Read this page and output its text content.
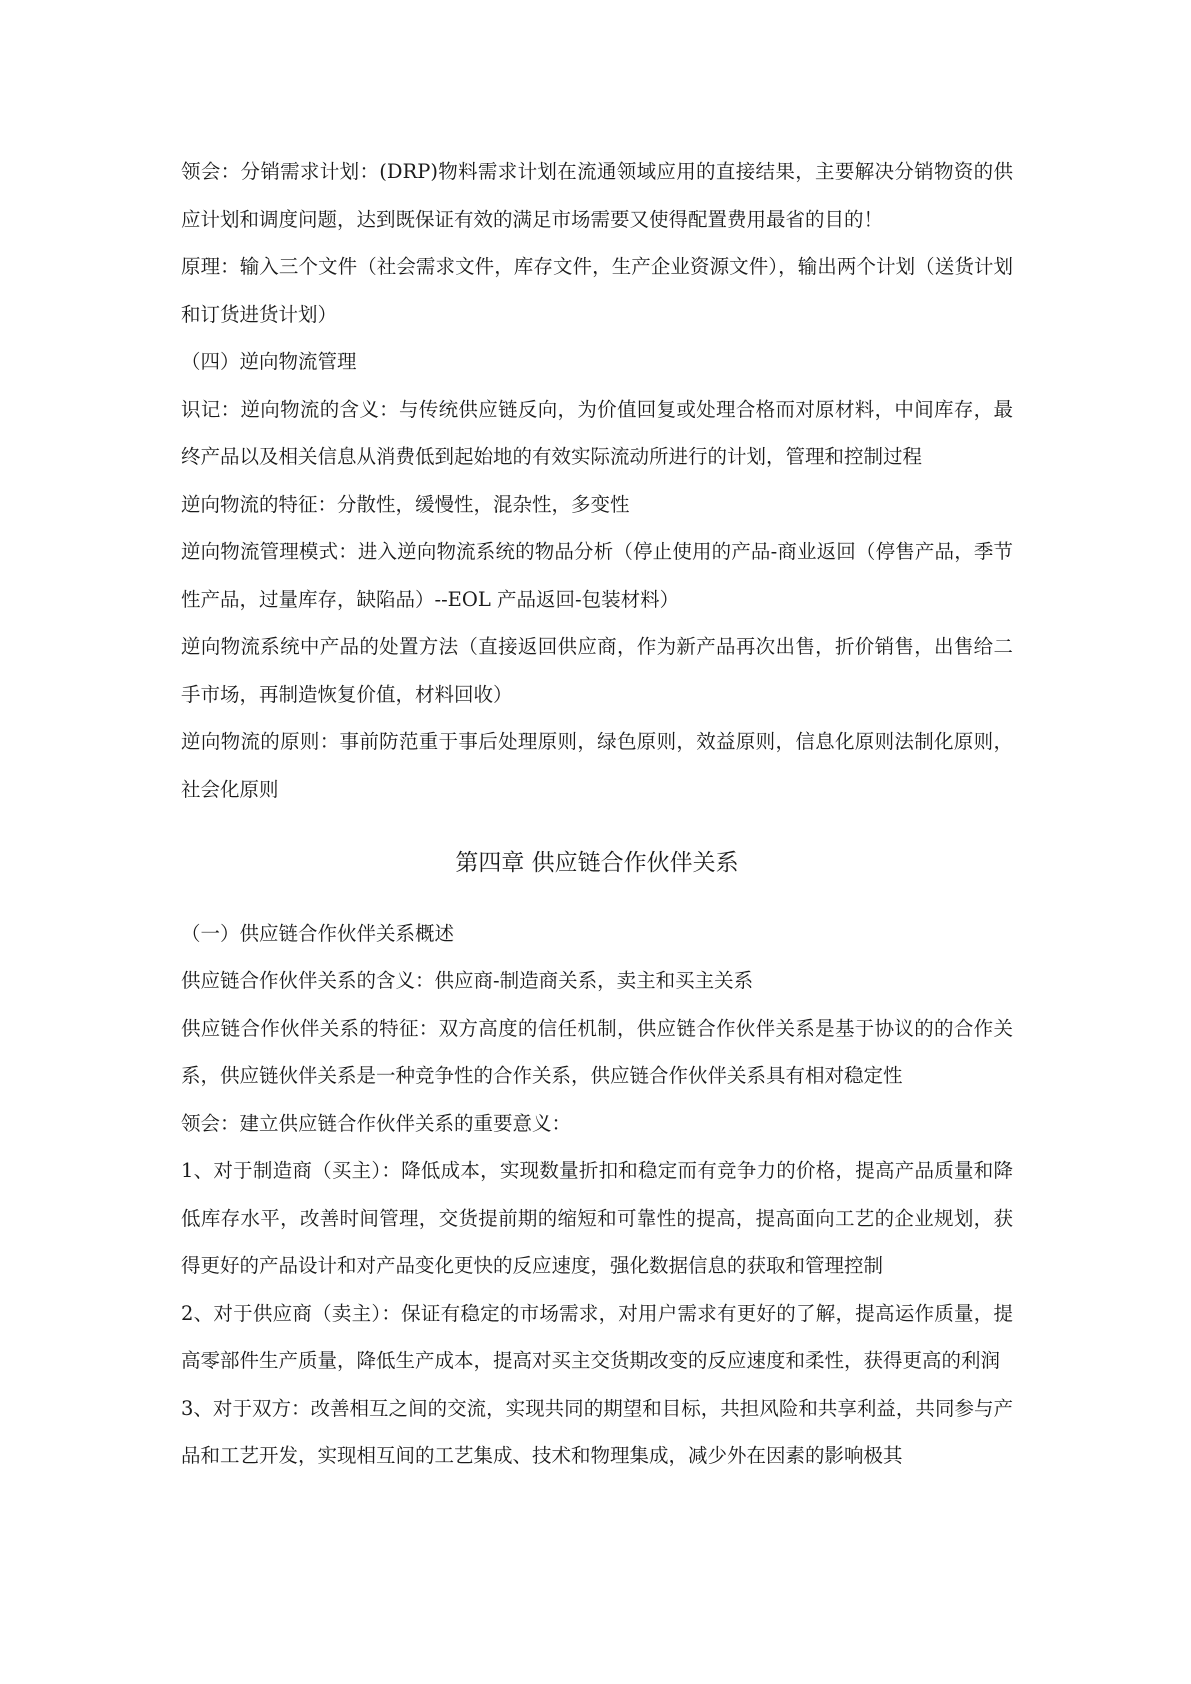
领会：分销需求计划：(DRP)物料需求计划在流通领域应用的直接结果，主要解决分销物资的供应计划和调度问题，达到既保证有效的满足市场需要又使得配置费用最省的目的！

原理：输入三个文件（社会需求文件，库存文件，生产企业资源文件），输出两个计划（送货计划和订货进货计划）

（四）逆向物流管理

识记：逆向物流的含义：与传统供应链反向，为价值回复或处理合格而对原材料，中间库存，最终产品以及相关信息从消费低到起始地的有效实际流动所进行的计划，管理和控制过程

逆向物流的特征：分散性，缓慢性，混杂性，多变性

逆向物流管理模式：进入逆向物流系统的物品分析（停止使用的产品-商业返回（停售产品，季节性产品，过量库存，缺陷品）--EOL 产品返回-包装材料）

逆向物流系统中产品的处置方法（直接返回供应商，作为新产品再次出售，折价销售，出售给二手市场，再制造恢复价值，材料回收）

逆向物流的原则：事前防范重于事后处理原则，绿色原则，效益原则，信息化原则法制化原则，社会化原则

第四章 供应链合作伙伴关系

（一）供应链合作伙伴关系概述

供应链合作伙伴关系的含义：供应商-制造商关系，卖主和买主关系

供应链合作伙伴关系的特征：双方高度的信任机制，供应链合作伙伴关系是基于协议的的合作关系，供应链伙伴关系是一种竞争性的合作关系，供应链合作伙伴关系具有相对稳定性

领会：建立供应链合作伙伴关系的重要意义：

1、对于制造商（买主）：降低成本，实现数量折扣和稳定而有竞争力的价格，提高产品质量和降低库存水平，改善时间管理，交货提前期的缩短和可靠性的提高，提高面向工艺的企业规划，获得更好的产品设计和对产品变化更快的反应速度，强化数据信息的获取和管理控制

2、对于供应商（卖主）：保证有稳定的市场需求，对用户需求有更好的了解，提高运作质量，提高零部件生产质量，降低生产成本，提高对买主交货期改变的反应速度和柔性，获得更高的利润

3、对于双方：改善相互之间的交流，实现共同的期望和目标，共担风险和共享利益，共同参与产品和工艺开发，实现相互间的工艺集成、技术和物理集成，减少外在因素的影响极其
